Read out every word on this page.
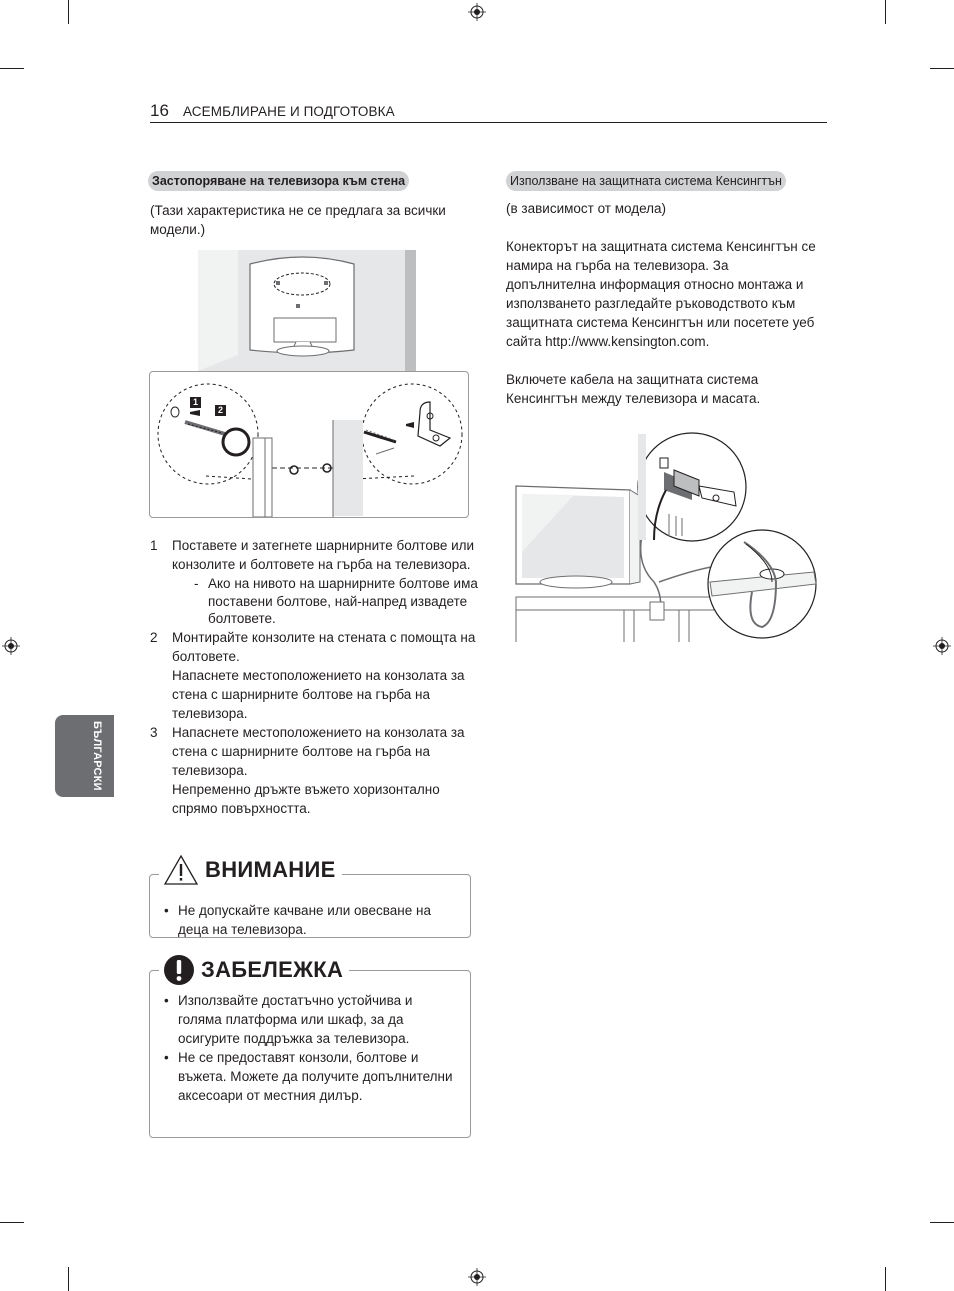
16 АСЕМБЛИРАНЕ И ПОДГОТОВКА
Застопоряване на телевизора към стена
(Тази характеристика не се предлага за всички модели.)
1
2
1 Поставете и затегнете шарнирните болтове или конзолите и болтовете на гърба на телевизора.

- Ако на нивото на шарнирните болтове има поставени болтове, най-напред извадете болтовете.
2 Монтирайте конзолите на стената с помощта на болтовете.

Напаснете местоположението на конзолата за стена с шарнирните болтове на гърба на телевизора.

3 Напаснете местоположението на конзолата за стена с шарнирните болтове на гърба на телевизора.

Непременно дръжте въжето хоризонтално спрямо повърхността.

• Не допускайте качване или овесване на деца на телевизора.
ВНИМАНИЕ
• Използвайте достатъчно устойчива и голяма платформа или шкаф, за да осигурите поддръжка за телевизора.
• Не се предоставят конзоли, болтове и въжета. Можете да получите допълнителни аксесоари от местния дилър.
ЗАБЕЛЕЖКА
Използване на защитната система Кенсингтън
(в зависимост от модела)
Конекторът на защитната система Кенсингтън се намира на гърба на телевизора. За допълнителна информация относно монтажа и използването разгледайте ръководството към защитната система Кенсингтън или посетете уеб сайта http://www.kensington.com.
Включете кабела на защитната система Кенсингтън между телевизора и масата.
БЪЛГАРСКИ
